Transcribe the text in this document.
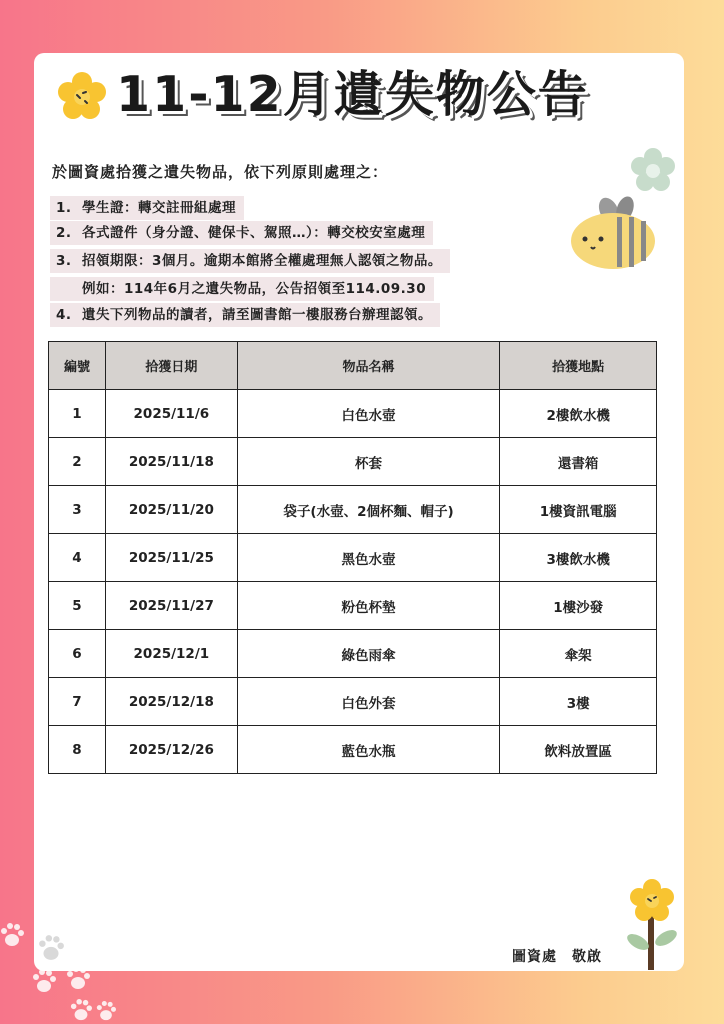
11-12月遺失物公告
於圖資處拾獲之遺失物品，依下列原則處理之：
1. 學生證：轉交註冊組處理
2. 各式證件（身分證、健保卡、駕照…）：轉交校安室處理
3. 招領期限：3個月。逾期本館將全權處理無人認領之物品。
例如：114年6月之遺失物品，公告招領至114.09.30
4. 遺失下列物品的讀者，請至圖書館一樓服務台辦理認領。
編號	拾獲日期	物品名稱	拾獲地點
1	2025/11/6	白色水壺	2樓飲水機
2	2025/11/18	杯套	還書箱
3	2025/11/20	袋子(水壺、2個杯麵、帽子)	1樓資訊電腦
4	2025/11/25	黑色水壺	3樓飲水機
5	2025/11/27	粉色杯墊	1樓沙發
6	2025/12/1	綠色雨傘	傘架
7	2025/12/18	白色外套	3樓
8	2025/12/26	藍色水瓶	飲料放置區
圖資處　敬啟
